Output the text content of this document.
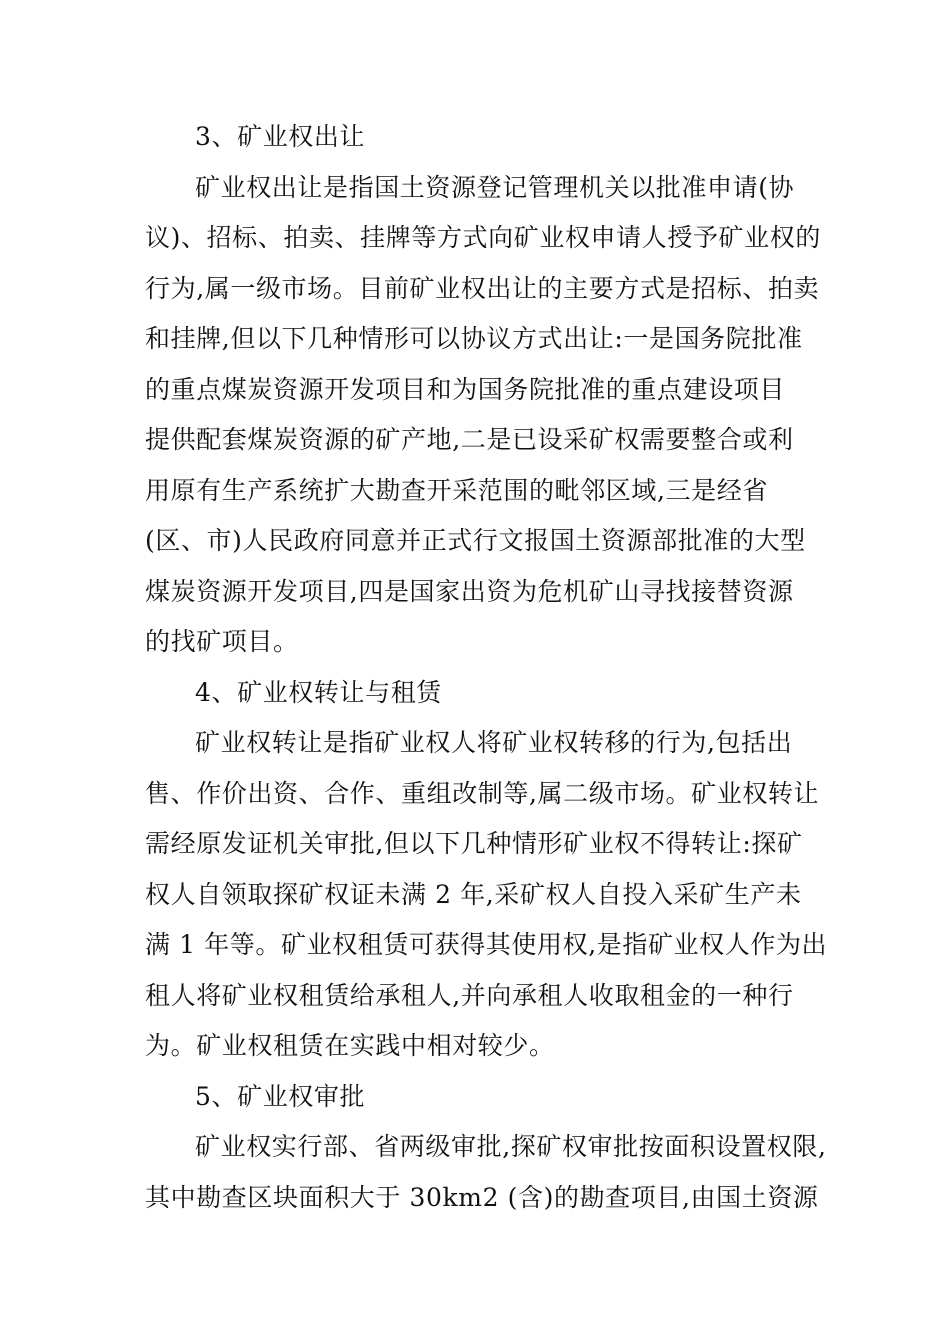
3、矿业权出让

矿业权出让是指国土资源登记管理机关以批准申请(协
议)、招标、拍卖、挂牌等方式向矿业权申请人授予矿业权的
行为,属一级市场。目前矿业权出让的主要方式是招标、拍卖
和挂牌,但以下几种情形可以协议方式出让:一是国务院批准
的重点煤炭资源开发项目和为国务院批准的重点建设项目
提供配套煤炭资源的矿产地,二是已设采矿权需要整合或利
用原有生产系统扩大勘查开采范围的毗邻区域,三是经省
(区、市)人民政府同意并正式行文报国土资源部批准的大型
煤炭资源开发项目,四是国家出资为危机矿山寻找接替资源
的找矿项目。

4、矿业权转让与租赁

矿业权转让是指矿业权人将矿业权转移的行为,包括出
售、作价出资、合作、重组改制等,属二级市场。矿业权转让
需经原发证机关审批,但以下几种情形矿业权不得转让:探矿
权人自领取探矿权证未满 2 年,采矿权人自投入采矿生产未
满 1 年等。矿业权租赁可获得其使用权,是指矿业权人作为出
租人将矿业权租赁给承租人,并向承租人收取租金的一种行
为。矿业权租赁在实践中相对较少。

5、矿业权审批

矿业权实行部、省两级审批,探矿权审批按面积设置权限,
其中勘查区块面积大于 30km2 (含)的勘查项目,由国土资源
